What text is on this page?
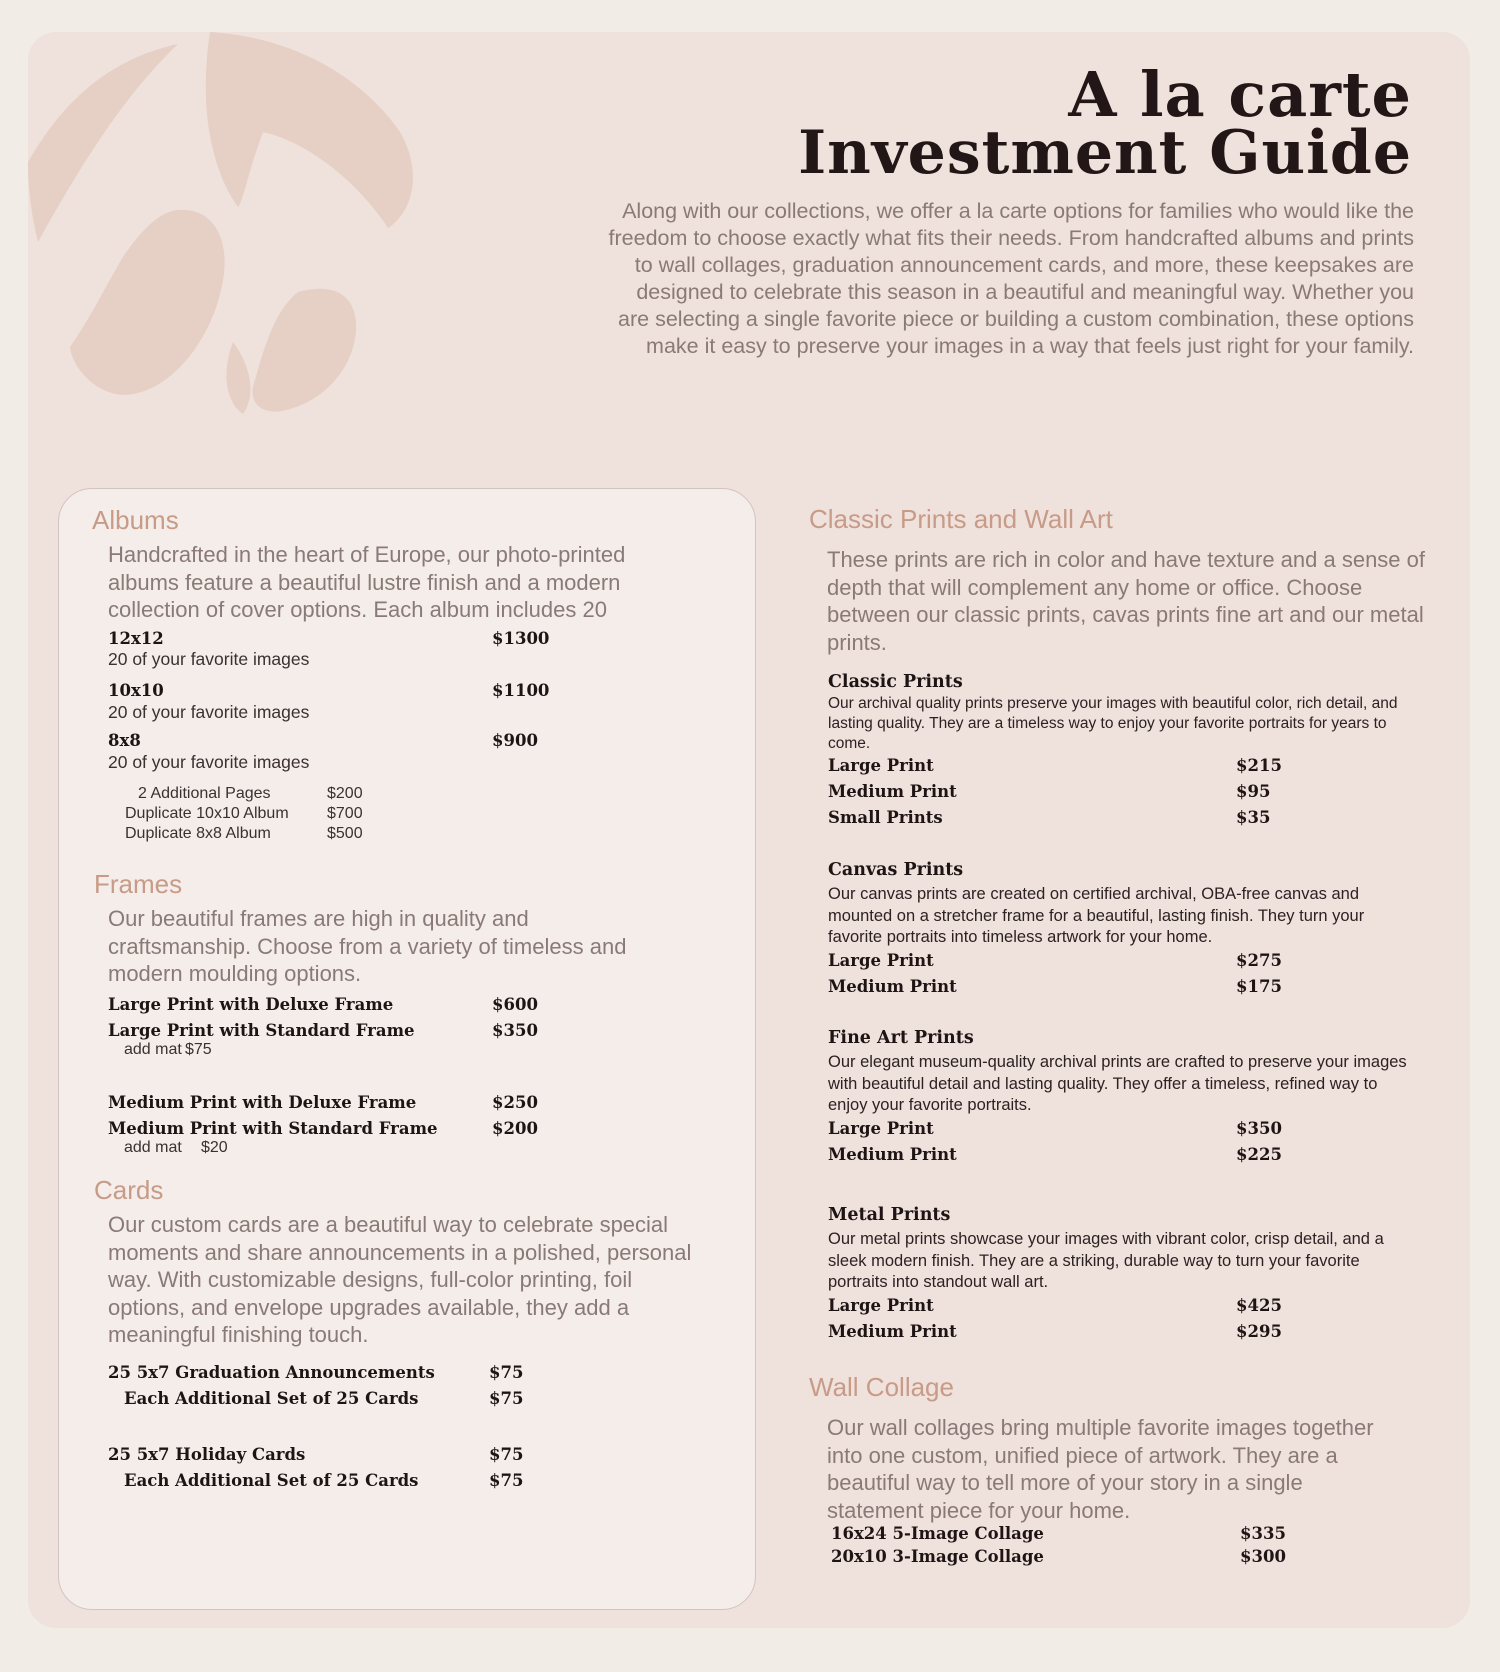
A la carte
Investment Guide

Along with our collections, we offer a la carte options for families who would like the freedom to choose exactly what fits their needs. From handcrafted albums and prints to wall collages, graduation announcement cards, and more, these keepsakes are designed to celebrate this season in a beautiful and meaningful way. Whether you are selecting a single favorite piece or building a custom combination, these options make it easy to preserve your images in a way that feels just right for your family.

Albums

Handcrafted in the heart of Europe, our photo-printed albums feature a beautiful lustre finish and a modern collection of cover options. Each album includes 20

12x12	$1300
20 of your favorite images
10x10	$1100
20 of your favorite images
8x8	$900
20 of your favorite images
2 Additional Pages	$200
Duplicate 10x10 Album $700
Duplicate 8x8 Album	$500
Frames

Our beautiful frames are high in quality and craftsmanship. Choose from a variety of timeless and modern moulding options.

Large Print with Deluxe Frame	$600
Large Print with Standard Frame	$350
add mat $75
Medium Print with Deluxe Frame	$250
Medium Print with Standard Frame	$200
add mat $20
Cards

Our custom cards are a beautiful way to celebrate special moments and share announcements in a polished, personal way. With customizable designs, full-color printing, foil options, and envelope upgrades available, they add a meaningful finishing touch.

25 5x7 Graduation Announcements	$75
Each Additional Set of 25 Cards	$75
25 5x7 Holiday Cards	$75
Each Additional Set of 25 Cards	$75
Classic Prints and Wall Art

These prints are rich in color and have texture and a sense of depth that will complement any home or office. Choose between our classic prints, cavas prints fine art and our metal prints.

Classic Prints

Our archival quality prints preserve your images with beautiful color, rich detail, and lasting quality. They are a timeless way to enjoy your favorite portraits for years to come.

Large Print	$215
Medium Print	$95
Small Prints	$35
Canvas Prints

Our canvas prints are created on certified archival, OBA-free canvas and mounted on a stretcher frame for a beautiful, lasting finish. They turn your favorite portraits into timeless artwork for your home.

Large Print	$275
Medium Print	$175
Fine Art Prints

Our elegant museum-quality archival prints are crafted to preserve your images with beautiful detail and lasting quality. They offer a timeless, refined way to enjoy your favorite portraits.

Large Print	$350
Medium Print	$225
Metal Prints

Our metal prints showcase your images with vibrant color, crisp detail, and a sleek modern finish. They are a striking, durable way to turn your favorite portraits into standout wall art.

Large Print	$425
Medium Print	$295
Wall Collage

Our wall collages bring multiple favorite images together into one custom, unified piece of artwork. They are a beautiful way to tell more of your story in a single statement piece for your home.

16x24 5-Image Collage	$335
20x10 3-Image Collage	$300
